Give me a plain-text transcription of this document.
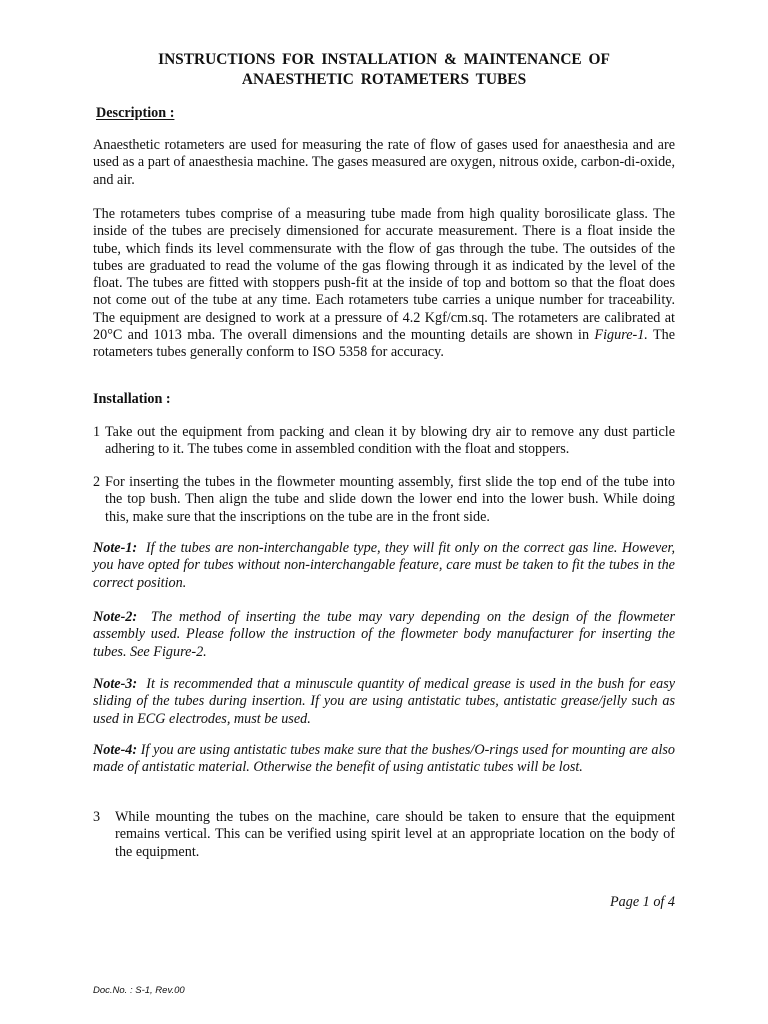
INSTRUCTIONS FOR INSTALLATION & MAINTENANCE OF
ANAESTHETIC ROTAMETERS TUBES
Description :
Anaesthetic rotameters are used for measuring the rate of flow of gases used for anaesthesia and are used as a part of anaesthesia machine. The gases measured are oxygen, nitrous oxide, carbon-di-oxide, and air.
The rotameters tubes comprise of a measuring tube made from high quality borosilicate glass. The inside of the tubes are precisely dimensioned for accurate measurement. There is a float inside the tube, which finds its level commensurate with the flow of gas through the tube. The outsides of the tubes are graduated to read the volume of the gas flowing through it as indicated by the level of the float. The tubes are fitted with stoppers push-fit at the inside of top and bottom so that the float does not come out of the tube at any time. Each rotameters tube carries a unique number for traceability. The equipment are designed to work at a pressure of 4.2 Kgf/cm.sq. The rotameters are calibrated at 20°C and 1013 mba. The overall dimensions and the mounting details are shown in Figure-1. The rotameters tubes generally conform to ISO 5358 for accuracy.
Installation :
1 Take out the equipment from packing and clean it by blowing dry air to remove any dust particle adhering to it. The tubes come in assembled condition with the float and stoppers.
2 For inserting the tubes in the flowmeter mounting assembly, first slide the top end of the tube into the top bush. Then align the tube and slide down the lower end into the lower bush. While doing this, make sure that the inscriptions on the tube are in the front side.
Note-1: If the tubes are non-interchangable type, they will fit only on the correct gas line. However, you have opted for tubes without non-interchangable feature, care must be taken to fit the tubes in the correct position.
Note-2: The method of inserting the tube may vary depending on the design of the flowmeter assembly used. Please follow the instruction of the flowmeter body manufacturer for inserting the tubes. See Figure-2.
Note-3: It is recommended that a minuscule quantity of medical grease is used in the bush for easy sliding of the tubes during insertion. If you are using antistatic tubes, antistatic grease/jelly such as used in ECG electrodes, must be used.
Note-4: If you are using antistatic tubes make sure that the bushes/O-rings used for mounting are also made of antistatic material. Otherwise the benefit of using antistatic tubes will be lost.
3 While mounting the tubes on the machine, care should be taken to ensure that the equipment remains vertical. This can be verified using spirit level at an appropriate location on the body of the equipment.
Page 1 of 4
Doc.No. : S-1, Rev.00
